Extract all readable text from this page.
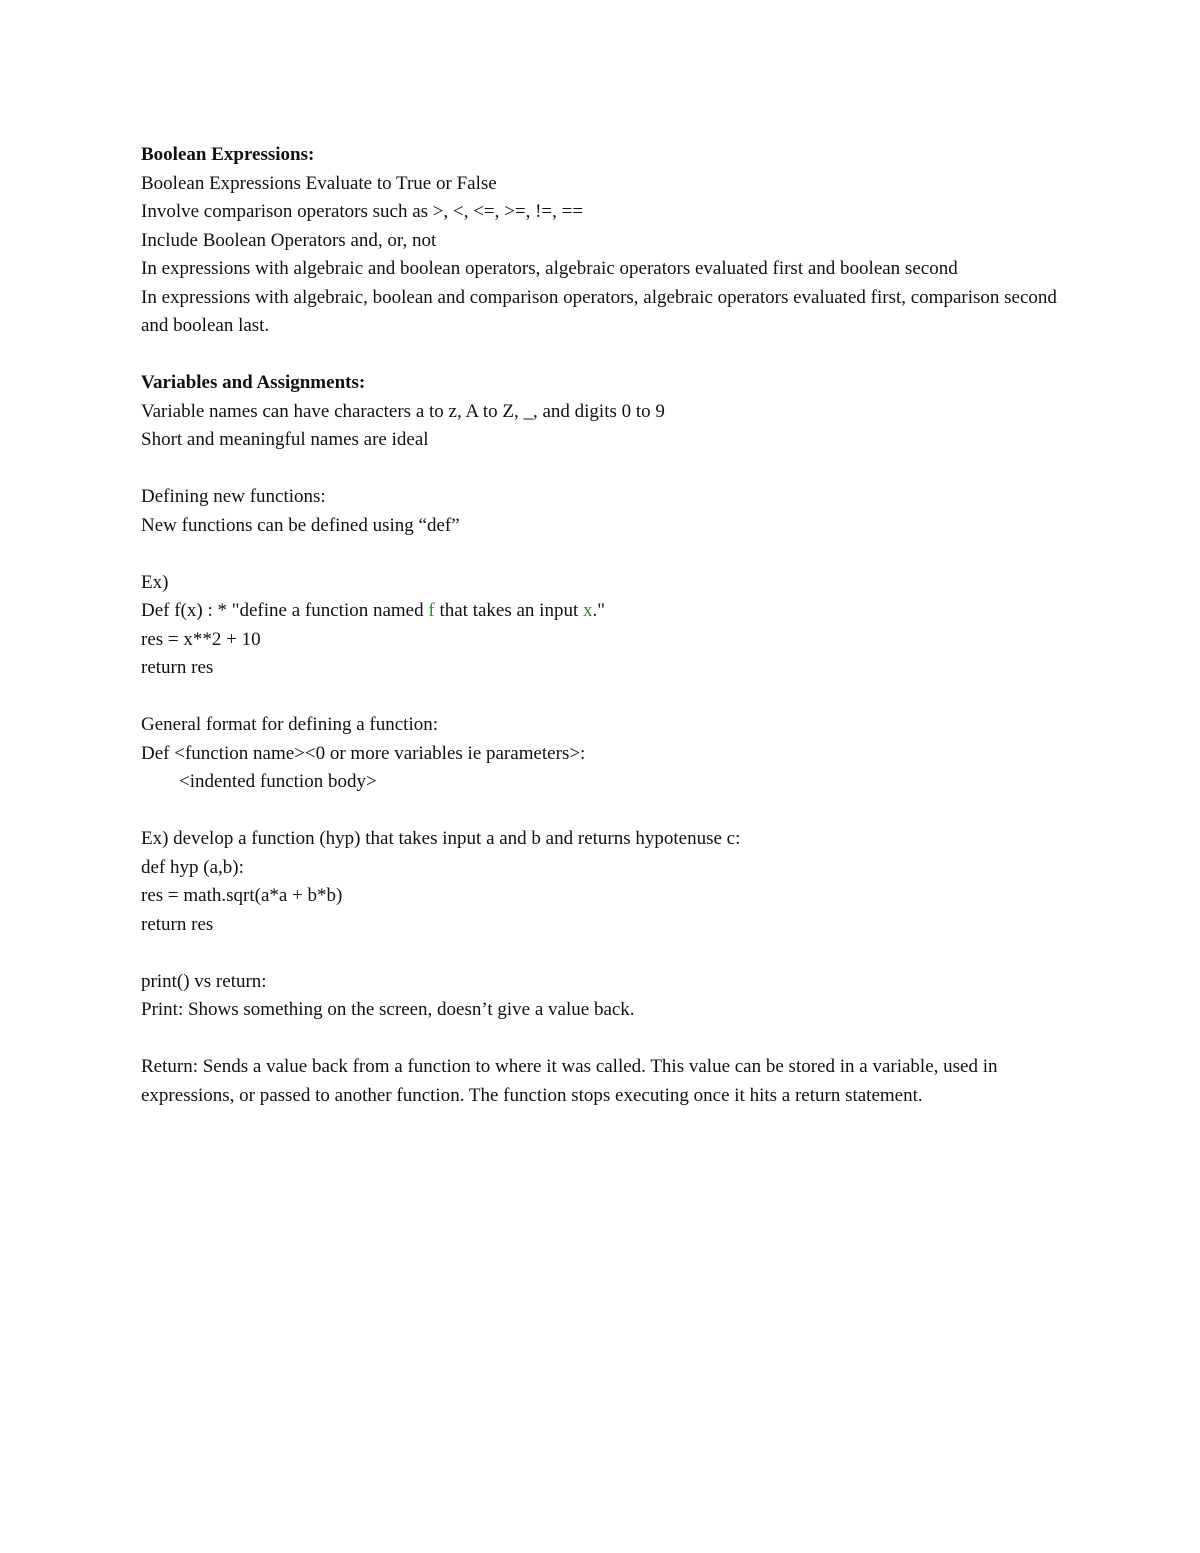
Boolean Expressions:
Boolean Expressions Evaluate to True or False
Involve comparison operators such as >, <, <=, >=, !=, ==
Include Boolean Operators and, or, not
In expressions with algebraic and boolean operators, algebraic operators evaluated first and boolean second
In expressions with algebraic, boolean and comparison operators, algebraic operators evaluated first, comparison second and boolean last.
Variables and Assignments:
Variable names can have characters a to z, A to Z, _, and digits 0 to 9
Short and meaningful names are ideal
Defining new functions:
New functions can be defined using “def”
Ex)
Def f(x) : * "define a function named f that takes an input x."
res = x**2 + 10
return res
General format for defining a function:
Def <function name><0 or more variables ie parameters>:
<indented function body>
Ex) develop a function (hyp) that takes input a and b and returns hypotenuse c:
def hyp (a,b):
res = math.sqrt(a*a + b*b)
return res
print() vs return:
Print: Shows something on the screen, doesn’t give a value back.
Return: Sends a value back from a function to where it was called. This value can be stored in a variable, used in expressions, or passed to another function. The function stops executing once it hits a return statement.
